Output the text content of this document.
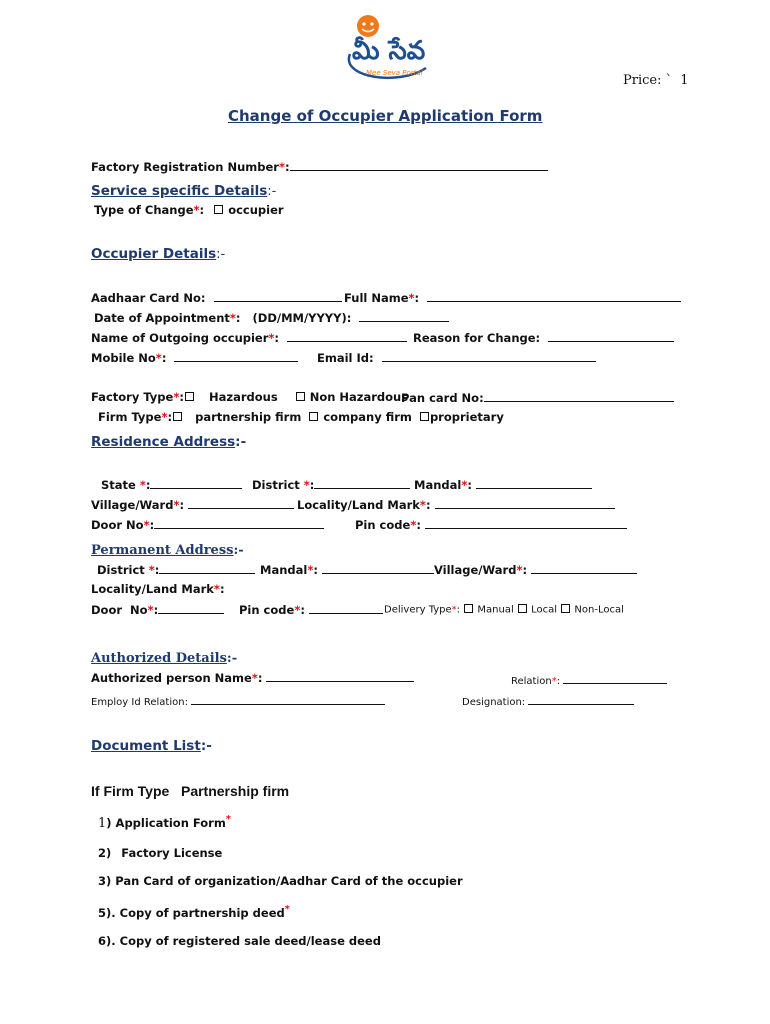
మీ సేవ
Mee Seva Portal	Price: ` 1
Change of Occupier Application Form
Factory Registration Number*:
Service specific Details:-
Type of Change*: occupier
Occupier Details:-
Aadhaar Card No:	Full Name*:
Date of Appointment*: (DD/MM/YYYY):
Name of Outgoing occupier*:	Reason for Change:
Mobile No*:	Email Id:
Factory Type*: Hazardous	Non Hazardous
Pan card No:
Firm Type*: partnership firm company firm proprietary
Residence Address:-
State *:	District *:	Mandal*:
Village/Ward*:	Locality/Land Mark*:
Door No*:	Pin code*:
Permanent Address:-
District *:	Mandal*:	Village/Ward*:
Locality/Land Mark*:
Door  No*:	Pin code*:	Delivery Type*: Manual Local Non-Local
Authorized Details:-
Authorized person Name*:	Relation*:
Employ Id Relation:	Designation:
Document List:-
If Firm Type   Partnership firm
1) Application Form*
2) Factory License
3) Pan Card of organization/Aadhar Card of the occupier
5). Copy of partnership deed*
6). Copy of registered sale deed/lease deed
